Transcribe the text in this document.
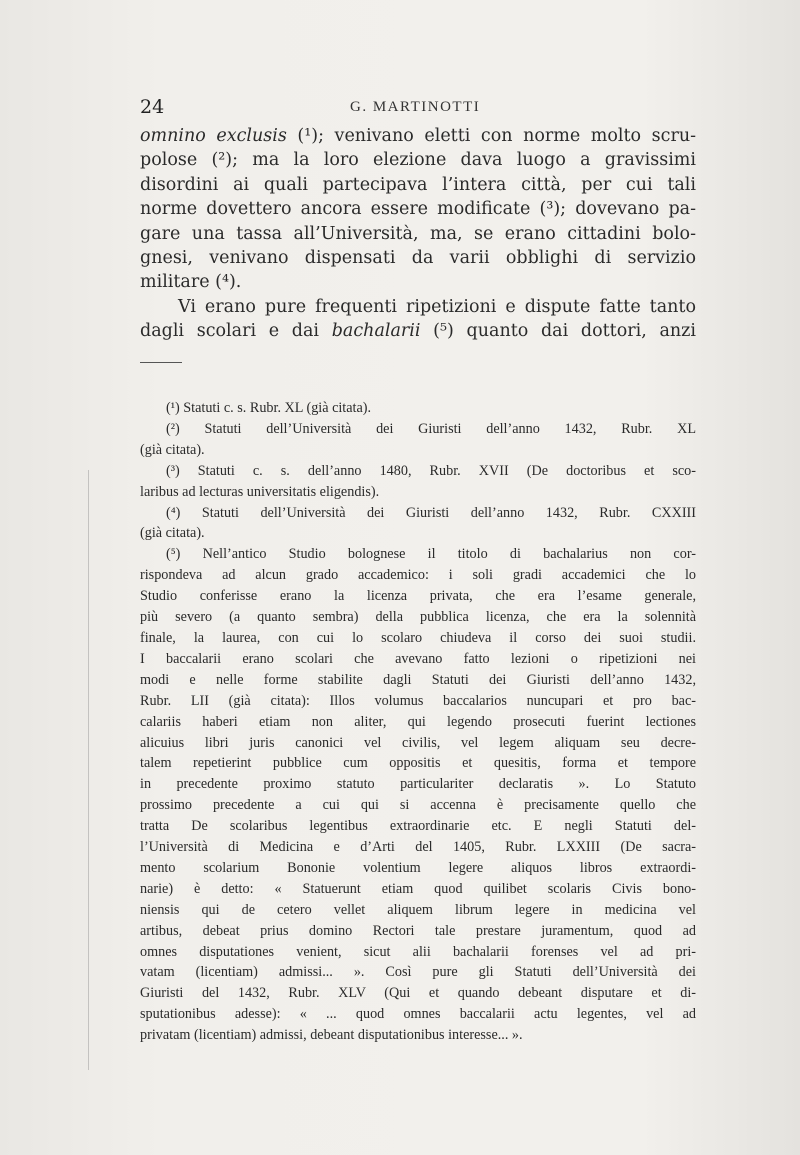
24	G. MARTINOTTI
omnino exclusis (¹); venivano eletti con norme molto scru-
polose (²); ma la loro elezione dava luogo a gravissimi
disordini ai quali partecipava l’intera città, per cui tali
norme dovettero ancora essere modificate (³); dovevano pa-
gare una tassa all’Università, ma, se erano cittadini bolo-
gnesi, venivano dispensati da varii obblighi di servizio
militare (⁴).
Vi erano pure frequenti ripetizioni e dispute fatte tanto
dagli scolari e dai bachalarii (⁵) quanto dai dottori, anzi
(¹) Statuti c. s. Rubr. XL (già citata).
(²) Statuti dell’Università dei Giuristi dell’anno 1432, Rubr. XL
(già citata).
(³) Statuti c. s. dell’anno 1480, Rubr. XVII (De doctoribus et sco-
laribus ad lecturas universitatis eligendis).
(⁴) Statuti dell’Università dei Giuristi dell’anno 1432, Rubr. CXXIII
(già citata).
(⁵) Nell’antico Studio bolognese il titolo di bachalarius non cor-
rispondeva ad alcun grado accademico: i soli gradi accademici che lo
Studio conferisse erano la licenza privata, che era l’esame generale,
più severo (a quanto sembra) della pubblica licenza, che era la solennità
finale, la laurea, con cui lo scolaro chiudeva il corso dei suoi studii.
I baccalarii erano scolari che avevano fatto lezioni o ripetizioni nei
modi e nelle forme stabilite dagli Statuti dei Giuristi dell’anno 1432,
Rubr. LII (già citata): Illos volumus baccalarios nuncupari et pro bac-
calariis haberi etiam non aliter, qui legendo prosecuti fuerint lectiones
alicuius libri juris canonici vel civilis, vel legem aliquam seu decre-
talem repetierint pubblice cum oppositis et quesitis, forma et tempore
in precedente proximo statuto particulariter declaratis ». Lo Statuto
prossimo precedente a cui qui si accenna è precisamente quello che
tratta De scolaribus legentibus extraordinarie etc. E negli Statuti del-
l’Università di Medicina e d’Arti del 1405, Rubr. LXXIII (De sacra-
mento scolarium Bononie volentium legere aliquos libros extraordi-
narie) è detto: « Statuerunt etiam quod quilibet scolaris Civis bono-
niensis qui de cetero vellet aliquem librum legere in medicina vel
artibus, debeat prius domino Rectori tale prestare juramentum, quod ad
omnes disputationes venient, sicut alii bachalarii forenses vel ad pri-
vatam (licentiam) admissi... ». Così pure gli Statuti dell’Università dei
Giuristi del 1432, Rubr. XLV (Qui et quando debeant disputare et di-
sputationibus adesse): « ... quod omnes baccalarii actu legentes, vel ad
privatam (licentiam) admissi, debeant disputationibus interesse... ».
